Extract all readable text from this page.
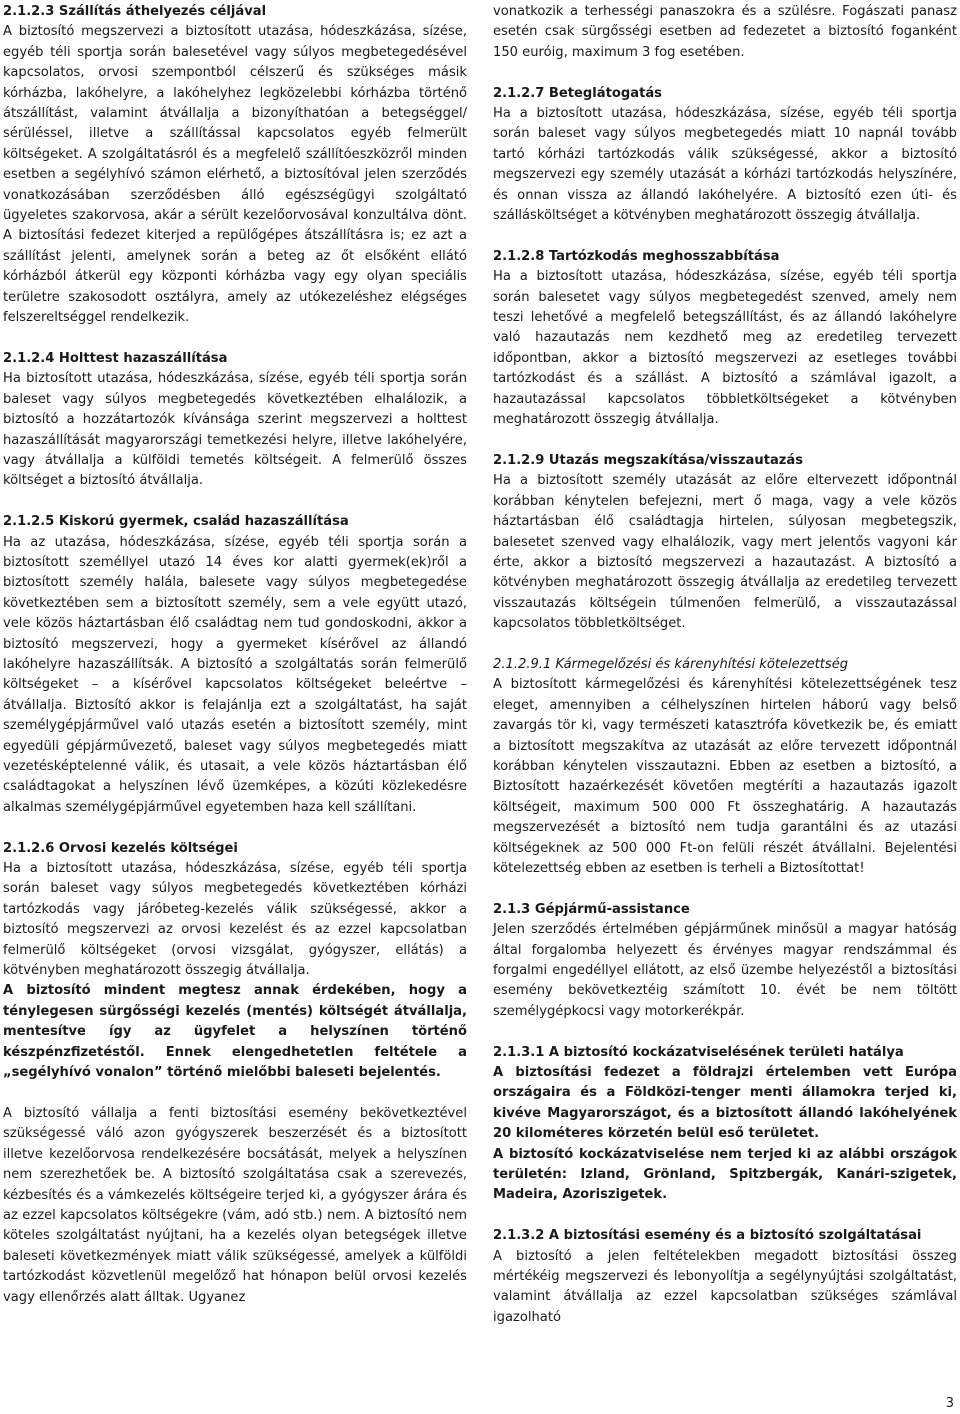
2.1.2.3 Szállítás áthelyezés céljával

A biztosító megszervezi a biztosított utazása, hódeszkázása, sízése, egyéb téli sportja során balesetével vagy súlyos megbetegedésével kapcsolatos, orvosi szempontból célszerű és szükséges másik kórházba, lakóhelyre, a lakóhelyhez legközelebbi kórházba történő átszállítást, valamint átvállalja a bizonyíthatóan a betegséggel/ sérüléssel, illetve a szállítással kapcsolatos egyéb felmerült költségeket. A szolgáltatásról és a megfelelő szállítóeszközről minden esetben a segélyhívó számon elérhető, a biztosítóval jelen szerződés vonatkozásában szerződésben álló egészségügyi szolgáltató ügyeletes szakorvosa, akár a sérült kezelőorvosával konzultálva dönt. A biztosítási fedezet kiterjed a repülőgépes átszállításra is; ez azt a szállítást jelenti, amelynek során a beteg az őt elsőként ellátó kórházból átkerül egy központi kórházba vagy egy olyan speciális területre szakosodott osztályra, amely az utókezeléshez elégséges felszereltséggel rendelkezik.

2.1.2.4 Holttest hazaszállítása

Ha biztosított utazása, hódeszkázása, sízése, egyéb téli sportja során baleset vagy súlyos megbetegedés következtében elhalálozik, a biztosító a hozzátartozók kívánsága szerint megszervezi a holttest hazaszállítását magyarországi temetkezési helyre, illetve lakóhelyére, vagy átvállalja a külföldi temetés költségeit. A felmerülő összes költséget a biztosító átvállalja.

2.1.2.5 Kiskorú gyermek, család hazaszállítása

Ha az utazása, hódeszkázása, sízése, egyéb téli sportja során a biztosított személlyel utazó 14 éves kor alatti gyermek(ek)ről a biztosított személy halála, balesete vagy súlyos megbetegedése következtében sem a biztosított személy, sem a vele együtt utazó, vele közös háztartásban élő családtag nem tud gondoskodni, akkor a biztosító megszervezi, hogy a gyermeket kísérővel az állandó lakóhelyre hazaszállítsák. A biztosító a szolgáltatás során felmerülő költségeket – a kísérővel kapcsolatos költségeket beleértve – átvállalja. Biztosító akkor is felajánlja ezt a szolgáltatást, ha saját személygépjárművel való utazás esetén a biztosított személy, mint egyedüli gépjárművezető, baleset vagy súlyos megbetegedés miatt vezetésképtelenné válik, és utasait, a vele közös háztartásban élő családtagokat a helyszínen lévő üzemképes, a közúti közlekedésre alkalmas személygépjárművel egyetemben haza kell szállítani.

2.1.2.6 Orvosi kezelés költségei

Ha a biztosított utazása, hódeszkázása, sízése, egyéb téli sportja során baleset vagy súlyos megbetegedés következtében kórházi tartózkodás vagy járóbeteg-kezelés válik szükségessé, akkor a biztosító megszervezi az orvosi kezelést és az ezzel kapcsolatban felmerülő költségeket (orvosi vizsgálat, gyógyszer, ellátás) a kötvényben meghatározott összegig átvállalja.

A biztosító mindent megtesz annak érdekében, hogy a ténylegesen sürgősségi kezelés (mentés) költségét átvállalja, mentesítve így az ügyfelet a helyszínen történő készpénzfizetéstől. Ennek elengedhetetlen feltétele a „segélyhívó vonalon” történő mielőbbi baleseti bejelentés.

A biztosító vállalja a fenti biztosítási esemény bekövetkeztével szükségessé váló azon gyógyszerek beszerzését és a biztosított illetve kezelőorvosa rendelkezésére bocsátását, melyek a helyszínen nem szerezhetőek be. A biztosító szolgáltatása csak a szerevezés, kézbesítés és a vámkezelés költségeire terjed ki, a gyógyszer árára és az ezzel kapcsolatos költségekre (vám, adó stb.) nem. A biztosító nem köteles szolgáltatást nyújtani, ha a kezelés olyan betegségek illetve baleseti következmények miatt válik szükségessé, amelyek a külföldi tartózkodást közvetlenül megelőző hat hónapon belül orvosi kezelés vagy ellenőrzés alatt álltak. Ugyanez

vonatkozik a terhességi panaszokra és a szülésre. Fogászati panasz esetén csak sürgősségi esetben ad fedezetet a biztosító foganként 150 euróig, maximum 3 fog esetében.

2.1.2.7 Beteglátogatás

Ha a biztosított utazása, hódeszkázása, sízése, egyéb téli sportja során baleset vagy súlyos megbetegedés miatt 10 napnál tovább tartó kórházi tartózkodás válik szükségessé, akkor a biztosító megszervezi egy személy utazását a kórházi tartózkodás helyszínére, és onnan vissza az állandó lakóhelyére. A biztosító ezen úti- és szállásköltséget a kötvényben meghatározott összegig átvállalja.

2.1.2.8 Tartózkodás meghosszabbítása

Ha a biztosított utazása, hódeszkázása, sízése, egyéb téli sportja során balesetet vagy súlyos megbetegedést szenved, amely nem teszi lehetővé a megfelelő betegszállítást, és az állandó lakóhelyre való hazautazás nem kezdhető meg az eredetileg tervezett időpontban, akkor a biztosító megszervezi az esetleges további tartózkodást és a szállást. A biztosító a számlával igazolt, a hazautazással kapcsolatos többletköltségeket a kötvényben meghatározott összegig átvállalja.

2.1.2.9 Utazás megszakítása/visszautazás

Ha a biztosított személy utazását az előre eltervezett időpontnál korábban kénytelen befejezni, mert ő maga, vagy a vele közös háztartásban élő családtagja hirtelen, súlyosan megbetegszik, balesetet szenved vagy elhalálozik, vagy mert jelentős vagyoni kár érte, akkor a biztosító megszervezi a hazautazást. A biztosító a kötvényben meghatározott összegig átvállalja az eredetileg tervezett visszautazás költségein túlmenően felmerülő, a visszautazással kapcsolatos többletköltséget.

2.1.2.9.1 Kármegelőzési és kárenyhítési kötelezettség

A biztosított kármegelőzési és kárenyhítési kötelezettségének tesz eleget, amennyiben a célhelyszínen hirtelen háború vagy belső zavargás tör ki, vagy természeti katasztrófa következik be, és emiatt a biztosított megszakítva az utazását az előre tervezett időpontnál korábban kénytelen visszautazni. Ebben az esetben a biztosító, a Biztosított hazaérkezését követően megtéríti a hazautazás igazolt költségeit, maximum 500 000 Ft összeghatárig. A hazautazás megszervezését a biztosító nem tudja garantálni és az utazási költségeknek az 500 000 Ft-on felüli részét átvállalni. Bejelentési kötelezettség ebben az esetben is terheli a Biztosítottat!

2.1.3 Gépjármű-assistance

Jelen szerződés értelmében gépjárműnek minősül a magyar hatóság által forgalomba helyezett és érvényes magyar rendszámmal és forgalmi engedéllyel ellátott, az első üzembe helyezéstől a biztosítási esemény bekövetkeztéig számított 10. évét be nem töltött személygépkocsi vagy motorkerékpár.

2.1.3.1 A biztosító kockázatviselésének területi hatálya

A biztosítási fedezet a földrajzi értelemben vett Európa országaira és a Földközi-tenger menti államokra terjed ki, kivéve Magyarországot, és a biztosított állandó lakóhelyének 20 kilométeres körzetén belül eső területet.

A biztosító kockázatviselése nem terjed ki az alábbi országok területén: Izland, Grönland, Spitzbergák, Kanári-szigetek, Madeira, Azoriszigetek.

2.1.3.2 A biztosítási esemény és a biztosító szolgáltatásai

A biztosító a jelen feltételekben megadott biztosítási összeg mértékéig megszervezi és lebonyolítja a segélynyújtási szolgáltatást, valamint átvállalja az ezzel kapcsolatban szükséges számlával igazolható

3
